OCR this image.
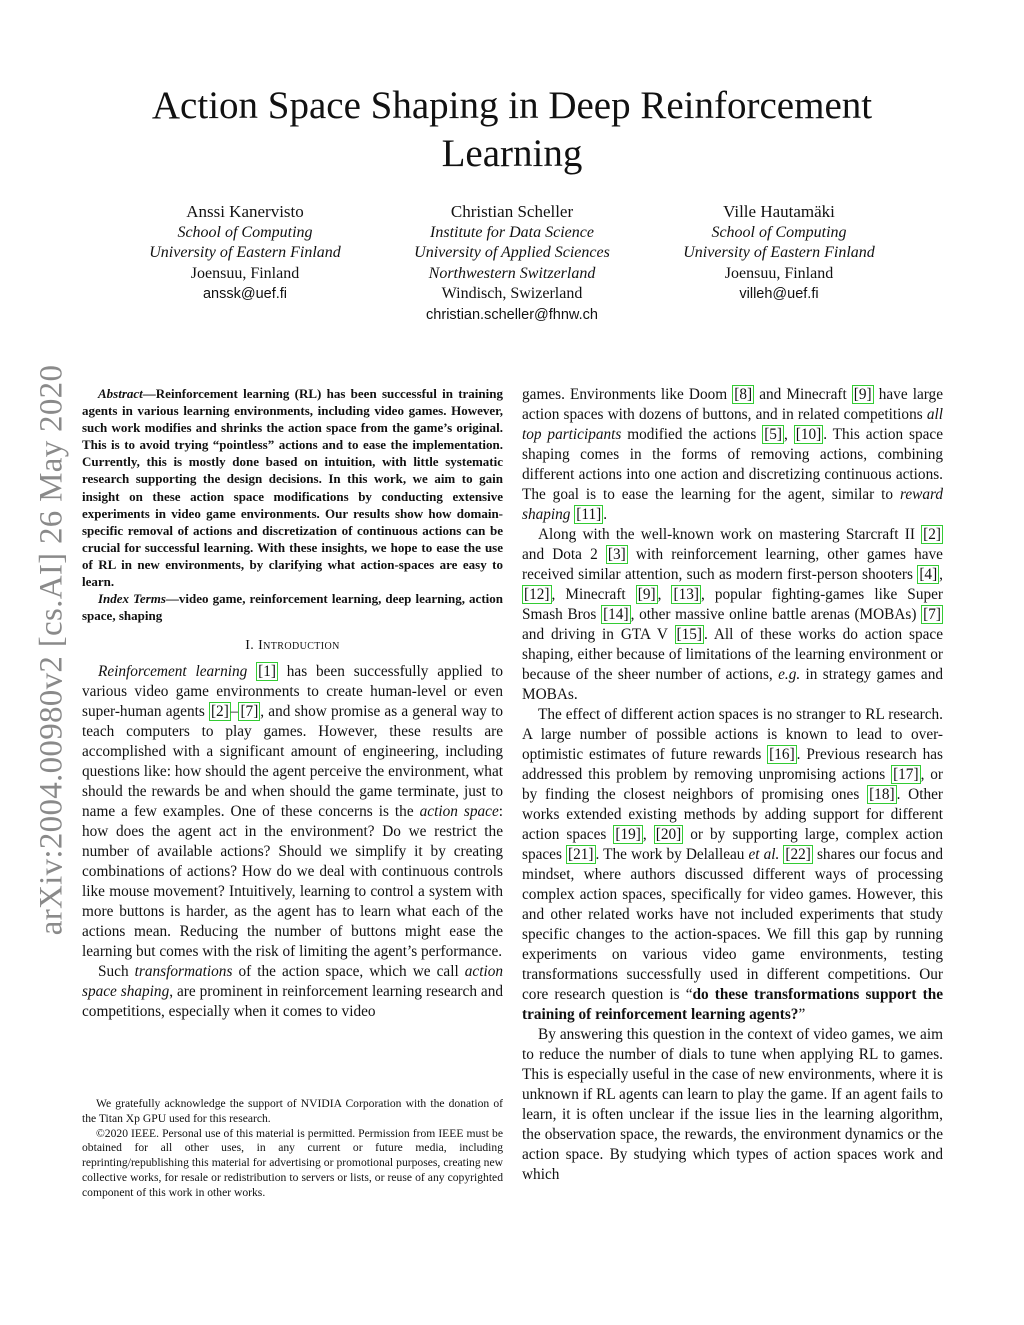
arXiv:2004.00980v2 [cs.AI] 26 May 2020
Action Space Shaping in Deep Reinforcement Learning
Anssi Kanervisto
School of Computing
University of Eastern Finland
Joensuu, Finland
anssk@uef.fi
Christian Scheller
Institute for Data Science
University of Applied Sciences
Northwestern Switzerland
Windisch, Swizerland
christian.scheller@fhnw.ch
Ville Hautamäki
School of Computing
University of Eastern Finland
Joensuu, Finland
villeh@uef.fi

Abstract—Reinforcement learning (RL) has been successful in training agents in various learning environments, including video games. However, such work modifies and shrinks the action space from the game’s original. This is to avoid trying “pointless” actions and to ease the implementation. Currently, this is mostly done based on intuition, with little systematic research supporting the design decisions. In this work, we aim to gain insight on these action space modifications by conducting extensive experiments in video game environments. Our results show how domain-specific removal of actions and discretization of continuous actions can be crucial for successful learning. With these insights, we hope to ease the use of RL in new environments, by clarifying what action-spaces are easy to learn.

Index Terms—video game, reinforcement learning, deep learning, action space, shaping

I. Introduction

Reinforcement learning [1] has been successfully applied to various video game environments to create human-level or even super-human agents [2] – [7] , and show promise as a general way to teach computers to play games. However, these results are accomplished with a significant amount of engineering, including questions like: how should the agent perceive the environment, what should the rewards be and when should the game terminate, just to name a few examples. One of these concerns is the action space: how does the agent act in the environment? Do we restrict the number of available actions? Should we simplify it by creating combinations of actions? How do we deal with continuous controls like mouse movement? Intuitively, learning to control a system with more buttons is harder, as the agent has to learn what each of the actions mean. Reducing the number of buttons might ease the learning but comes with the risk of limiting the agent’s performance.

Such transformations of the action space, which we call action space shaping, are prominent in reinforcement learning research and competitions, especially when it comes to video

games. Environments like Doom [8] and Minecraft [9] have large action spaces with dozens of buttons, and in related competitions all top participants modified the actions [5] , [10] . This action space shaping comes in the forms of removing actions, combining different actions into one action and discretizing continuous actions. The goal is to ease the learning for the agent, similar to reward shaping [11] .

Along with the well-known work on mastering Starcraft II [2] and Dota 2 [3] with reinforcement learning, other games have received similar attention, such as modern first-person shooters [4] , [12] , Minecraft [9] , [13] , popular fighting-games like Super Smash Bros [14] , other massive online battle arenas (MOBAs) [7] and driving in GTA V [15] . All of these works do action space shaping, either because of limitations of the learning environment or because of the sheer number of actions, e.g. in strategy games and MOBAs.

The effect of different action spaces is no stranger to RL research. A large number of possible actions is known to lead to over-optimistic estimates of future rewards [16] . Previous research has addressed this problem by removing unpromising actions [17] , or by finding the closest neighbors of promising ones [18] . Other works extended existing methods by adding support for different action spaces [19] , [20] or by supporting large, complex action spaces [21] . The work by Delalleau et al. [22] shares our focus and mindset, where authors discussed different ways of processing complex action spaces, specifically for video games. However, this and other related works have not included experiments that study specific changes to the action-spaces. We fill this gap by running experiments on various video game environments, testing transformations successfully used in different competitions. Our core research question is “do these transformations support the training of reinforcement learning agents?”

By answering this question in the context of video games, we aim to reduce the number of dials to tune when applying RL to games. This is especially useful in the case of new environments, where it is unknown if RL agents can learn to play the game. If an agent fails to learn, it is often unclear if the issue lies in the learning algorithm, the observation space, the rewards, the environment dynamics or the action space. By studying which types of action spaces work and which

We gratefully acknowledge the support of NVIDIA Corporation with the donation of the Titan Xp GPU used for this research.

©2020 IEEE. Personal use of this material is permitted. Permission from IEEE must be obtained for all other uses, in any current or future media, including reprinting/republishing this material for advertising or promotional purposes, creating new collective works, for resale or redistribution to servers or lists, or reuse of any copyrighted component of this work in other works.
